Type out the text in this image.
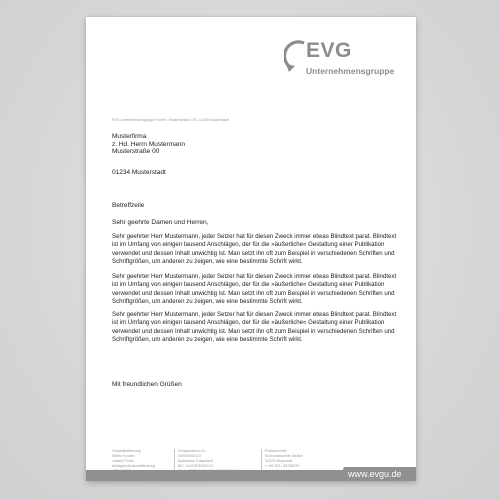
EVG
Unternehmensgruppe
EVG Unternehmensgruppe GmbH, Musterstraße 100, 12345 Musterstadt
Musterfirma
z. Hd. Herrn Mustermann
Musterstraße 00
01234 Musterstadt
Betreffzeile
Sehr geehrte Damen und Herren,
Sehr geehrter Herr Mustermann, jeder Setzer hat für diesen Zweck immer etwas Blindtext parat. Blindtext
ist im Umfang von einigen tausend Anschlägen, der für die »äußerliche« Gestaltung einer Publikation
verwendet und dessen Inhalt unwichtig ist. Man setzt ihn oft zum Beispiel in verschiedenen Schriften und
Schriftgrößen, um anderen zu zeigen, wie eine bestimmte Schrift wirkt.
Sehr geehrter Herr Mustermann, jeder Setzer hat für diesen Zweck immer etwas Blindtext parat. Blindtext
ist im Umfang von einigen tausend Anschlägen, der für die »äußerliche« Gestaltung einer Publikation
verwendet und dessen Inhalt unwichtig ist. Man setzt ihn oft zum Beispiel in verschiedenen Schriften und
Schriftgrößen, um anderen zu zeigen, wie eine bestimmte Schrift wirkt.
Sehr geehrter Herr Mustermann, jeder Setzer hat für diesen Zweck immer etwas Blindtext parat. Blindtext
ist im Umfang von einigen tausend Anschlägen, der für die »äußerliche« Gestaltung einer Publikation
verwendet und dessen Inhalt unwichtig ist. Man setzt ihn oft zum Beispiel in verschiedenen Schriften und
Schriftgrößen, um anderen zu zeigen, wie eine bestimmte Schrift wirkt.
Mit freundlichen Grüßen
Geschäftsführung:
Stefan Kunkel
Juliane Pohle
Amtsgericht Aschaffenburg
Umsatzsteuer-ID:
DE000000123
Sparkasse Düsseldorf
BIC: DUSSDEDDXXX
Postanschrift:
Kuckucksweiher Straße
42329 Wuppertal
t +49 202 / 89798970
www.evgu.de
